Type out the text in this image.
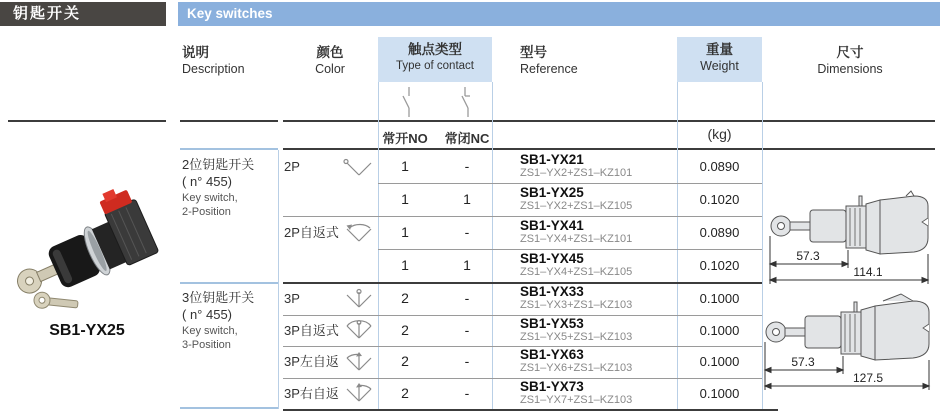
钥匙开关	Key switches
SB1-YX25
说明
Description
颜色
Color
触点类型
Type of contact
型号
Reference
重量
Weight
尺寸
Dimensions
常开NO	常闭NC	(kg)
2位钥匙开关
( n° 455)
Key switch,
2-Position
2P	1	-	SB1-YX21
ZS1–YX2+ZS1–KZ101	0.0890
1	1	SB1-YX25
ZS1–YX2+ZS1–KZ105	0.1020
2P自返式	1	-	SB1-YX41
ZS1–YX4+ZS1–KZ101	0.0890
1	1	SB1-YX45
ZS1–YX4+ZS1–KZ105	0.1020
3位钥匙开关
( n° 455)
Key switch,
3-Position
3P	2	-	SB1-YX33
ZS1–YX3+ZS1–KZ103	0.1000
3P自返式	2	-	SB1-YX53
ZS1–YX5+ZS1–KZ103	0.1000
3P左自返	2	-	SB1-YX63
ZS1–YX6+ZS1–KZ103	0.1000
3P右自返	2	-	SB1-YX73
ZS1–YX7+ZS1–KZ103	0.1000
57.3
114.1
57.3
127.5
